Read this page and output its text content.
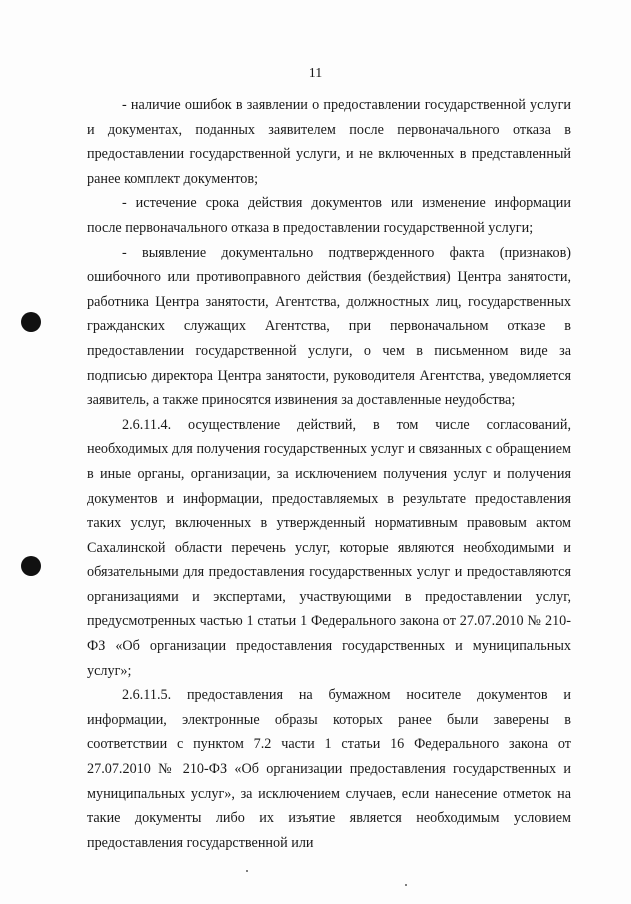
11

- наличие ошибок в заявлении о предоставлении государственной услуги и документах, поданных заявителем после первоначального отказа в предоставлении государственной услуги, и не включенных в представленный ранее комплект документов;

- истечение срока действия документов или изменение информации после первоначального отказа в предоставлении государственной услуги;

- выявление документально подтвержденного факта (признаков) ошибочного или противоправного действия (бездействия) Центра занятости, работника Центра занятости, Агентства, должностных лиц, государственных гражданских служащих Агентства, при первоначальном отказе в предоставлении государственной услуги, о чем в письменном виде за подписью директора Центра занятости, руководителя Агентства, уведомляется заявитель, а также приносятся извинения за доставленные неудобства;

2.6.11.4. осуществление действий, в том числе согласований, необходимых для получения государственных услуг и связанных с обращением в иные органы, организации, за исключением получения услуг и получения документов и информации, предоставляемых в результате предоставления таких услуг, включенных в утвержденный нормативным правовым актом Сахалинской области перечень услуг, которые являются необходимыми и обязательными для предоставления государственных услуг и предоставляются организациями и экспертами, участвующими в предоставлении услуг, предусмотренных частью 1 статьи 1 Федерального закона от 27.07.2010 № 210-ФЗ «Об организации предоставления государственных и муниципальных услуг»;

2.6.11.5. предоставления на бумажном носителе документов и информации, электронные образы которых ранее были заверены в соответствии с пунктом 7.2 части 1 статьи 16 Федерального закона от 27.07.2010 № 210-ФЗ «Об организации предоставления государственных и муниципальных услуг», за исключением случаев, если нанесение отметок на такие документы либо их изъятие является необходимым условием предоставления государственной или
